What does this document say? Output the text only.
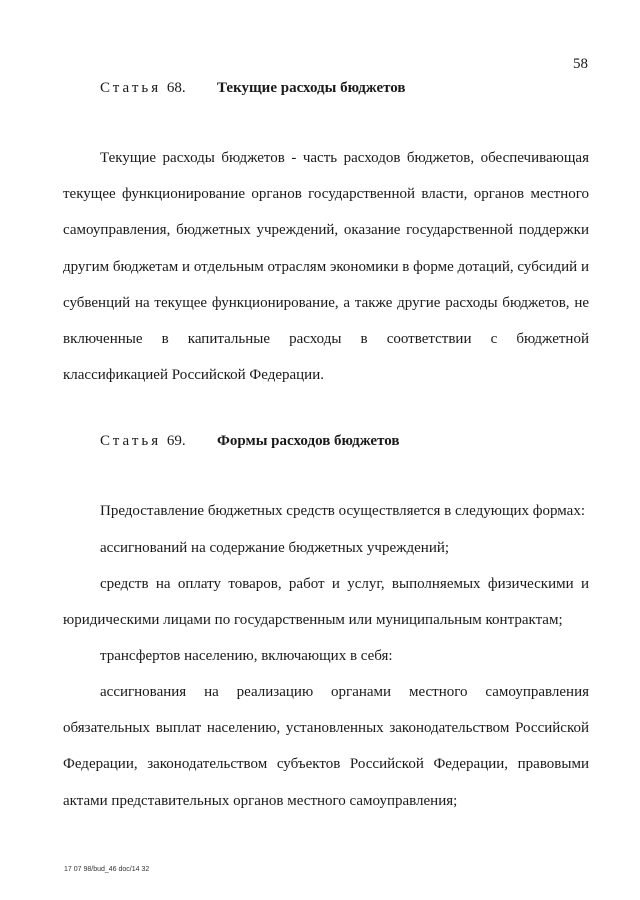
58
Статья 68. Текущие расходы бюджетов

Текущие расходы бюджетов - часть расходов бюджетов, обеспечивающая текущее функционирование органов государственной власти, органов местного самоуправления, бюджетных учреждений, оказание государственной поддержки другим бюджетам и отдельным отраслям экономики в форме дотаций, субсидий и субвенций на текущее функционирование, а также другие расходы бюджетов, не включенные в капитальные расходы в соответствии с бюджетной классификацией Российской Федерации.

Статья 69. Формы расходов бюджетов

Предоставление бюджетных средств осуществляется в следующих формах:

ассигнований на содержание бюджетных учреждений;

средств на оплату товаров, работ и услуг, выполняемых физическими и юридическими лицами по государственным или муниципальным контрактам;

трансфертов населению, включающих в себя:

ассигнования на реализацию органами местного самоуправления обязательных выплат населению, установленных законодательством Российской Федерации, законодательством субъектов Российской Федерации, правовыми актами представительных органов местного самоуправления;

17 07 98/bud_46 doc/14 32
